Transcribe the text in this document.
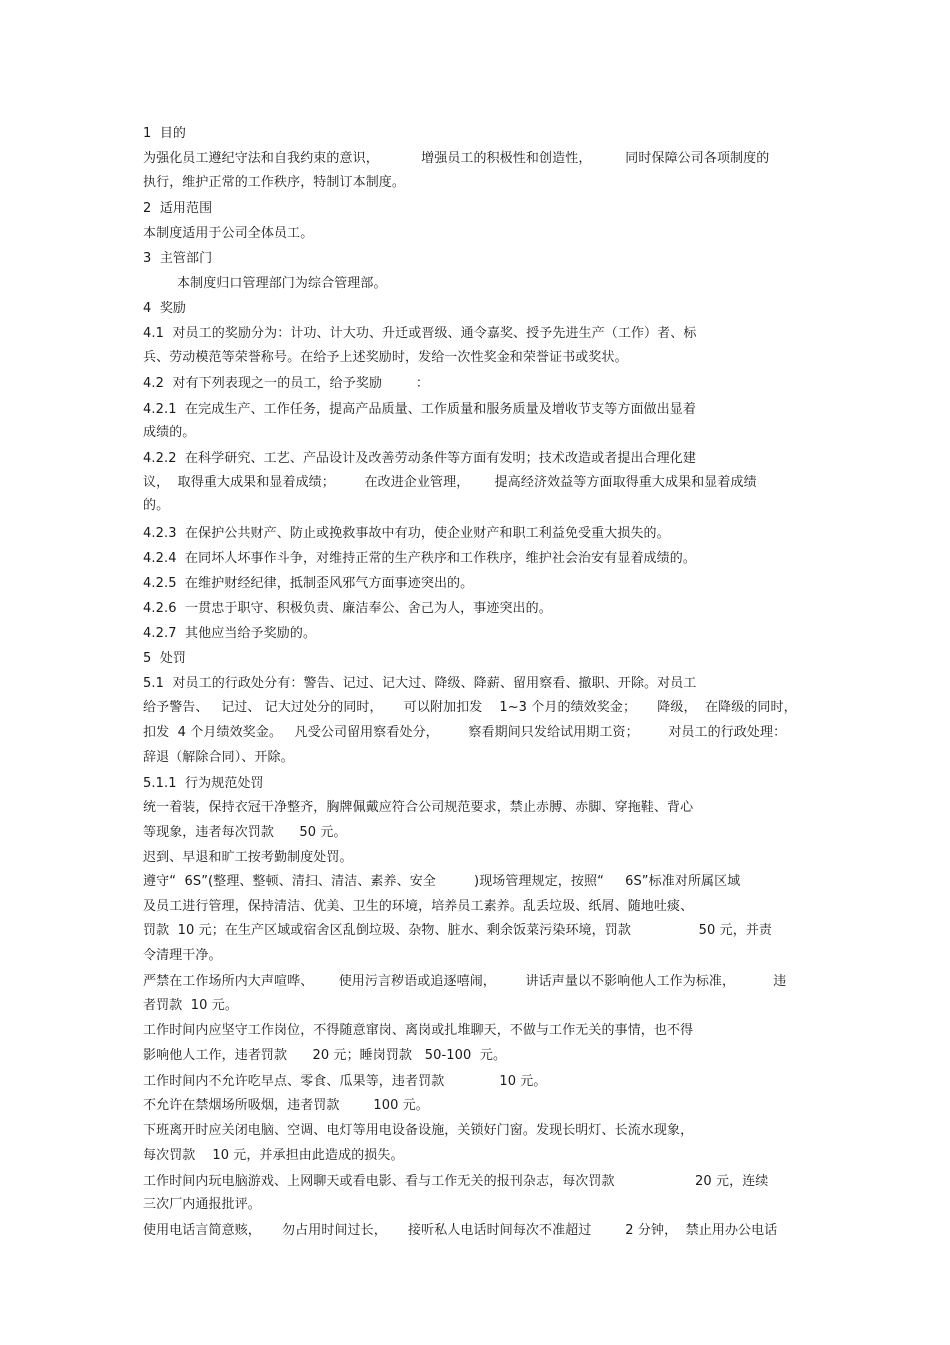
1  目的
为强化员工遵纪守法和自我约束的意识，          增强员工的积极性和创造性，        同时保障公司各项制度的
执行，维护正常的工作秩序，特制订本制度。
2  适用范围
本制度适用于公司全体员工。
3  主管部门
本制度归口管理部门为综合管理部。
4  奖励
4.1  对员工的奖励分为：计功、计大功、升迁或晋级、通令嘉奖、授予先进生产（工作）者、标
兵、劳动模范等荣誉称号。在给予上述奖励时，发给一次性奖金和荣誉证书或奖状。
4.2  对有下列表现之一的员工，给予奖励        ：
4.2.1  在完成生产、工作任务，提高产品质量、工作质量和服务质量及增收节支等方面做出显着
成绩的。
4.2.2  在科学研究、工艺、产品设计及改善劳动条件等方面有发明；技术改造或者提出合理化建
议，  取得重大成果和显着成绩；       在改进企业管理，      提高经济效益等方面取得重大成果和显着成绩
的。
4.2.3  在保护公共财产、防止或挽救事故中有功，使企业财产和职工利益免受重大损失的。
4.2.4  在同坏人坏事作斗争，对维持正常的生产秩序和工作秩序，维护社会治安有显着成绩的。
4.2.5  在维护财经纪律，抵制歪风邪气方面事迹突出的。
4.2.6  一贯忠于职守、积极负责、廉洁奉公、舍己为人，事迹突出的。
4.2.7  其他应当给予奖励的。
5  处罚
5.1  对员工的行政处分有：警告、记过、记大过、降级、降薪、留用察看、撤职、开除。对员工
给予警告、   记过、 记大过处分的同时，     可以附加扣发    1~3 个月的绩效奖金；     降级，  在降级的同时，
扣发  4 个月绩效奖金。   凡受公司留用察看处分，       察看期间只发给试用期工资；       对员工的行政处理：
辞退（解除合同）、开除。
5.1.1  行为规范处罚
统一着装，保持衣冠干净整齐，胸牌佩戴应符合公司规范要求，禁止赤膊、赤脚、穿拖鞋、背心
等现象，违者每次罚款      50 元。
迟到、早退和旷工按考勤制度处罚。
遵守“  6S”(整理、整顿、清扫、清洁、素养、安全         )现场管理规定，按照“     6S”标准对所属区域
及员工进行管理，保持清洁、优美、卫生的环境，培养员工素养。乱丢垃圾、纸屑、随地吐痰、
罚款  10 元；在生产区域或宿舍区乱倒垃圾、杂物、脏水、剩余饭菜污染环境，罚款                50 元，并责
令清理干净。
严禁在工作场所内大声喧哗、      使用污言秽语或追逐嘻闹，       讲话声量以不影响他人工作为标准，         违
者罚款  10 元。
工作时间内应坚守工作岗位，不得随意窜岗、离岗或扎堆聊天，不做与工作无关的事情，也不得
影响他人工作，违者罚款      20 元；睡岗罚款   50-100  元。
工作时间内不允许吃早点、零食、瓜果等，违者罚款             10 元。
不允许在禁烟场所吸烟，违者罚款        100 元。
下班离开时应关闭电脑、空调、电灯等用电设备设施，关锁好门窗。发现长明灯、长流水现象，
每次罚款    10 元，并承担由此造成的损失。
工作时间内玩电脑游戏、上网聊天或看电影、看与工作无关的报刊杂志，每次罚款                   20 元，连续
三次厂内通报批评。
使用电话言简意赅，     勿占用时间过长，     接听私人电话时间每次不准超过        2 分钟，  禁止用办公电话
